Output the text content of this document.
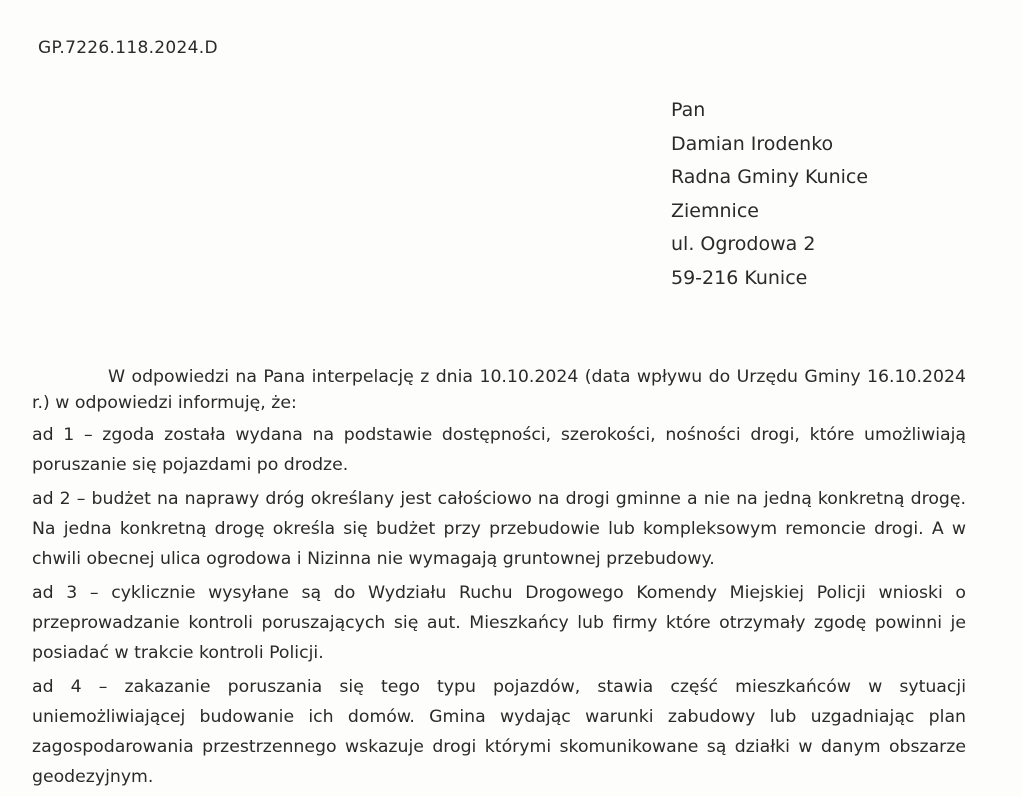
GP.7226.118.2024.D
Pan
Damian Irodenko
Radna Gminy Kunice
Ziemnice
ul. Ogrodowa 2
59-216 Kunice

W odpowiedzi na Pana interpelację z dnia 10.10.2024 (data wpływu do Urzędu Gminy 16.10.2024 r.) w odpowiedzi informuję, że:

ad 1 – zgoda została wydana na podstawie dostępności, szerokości, nośności drogi, które umożliwiają poruszanie się pojazdami po drodze.

ad 2 – budżet na naprawy dróg określany jest całościowo na drogi gminne a nie na jedną konkretną drogę. Na jedna konkretną drogę określa się budżet przy przebudowie lub kompleksowym remoncie drogi. A w chwili obecnej ulica ogrodowa i Nizinna nie wymagają gruntownej przebudowy.

ad 3 – cyklicznie wysyłane są do Wydziału Ruchu Drogowego Komendy Miejskiej Policji wnioski o przeprowadzanie kontroli poruszających się aut. Mieszkańcy lub firmy które otrzymały zgodę powinni je posiadać w trakcie kontroli Policji.

ad 4 – zakazanie poruszania się tego typu pojazdów, stawia część mieszkańców w sytuacji uniemożliwiającej budowanie ich domów. Gmina wydając warunki zabudowy lub uzgadniając plan zagospodarowania przestrzennego wskazuje drogi którymi skomunikowane są działki w danym obszarze geodezyjnym.
